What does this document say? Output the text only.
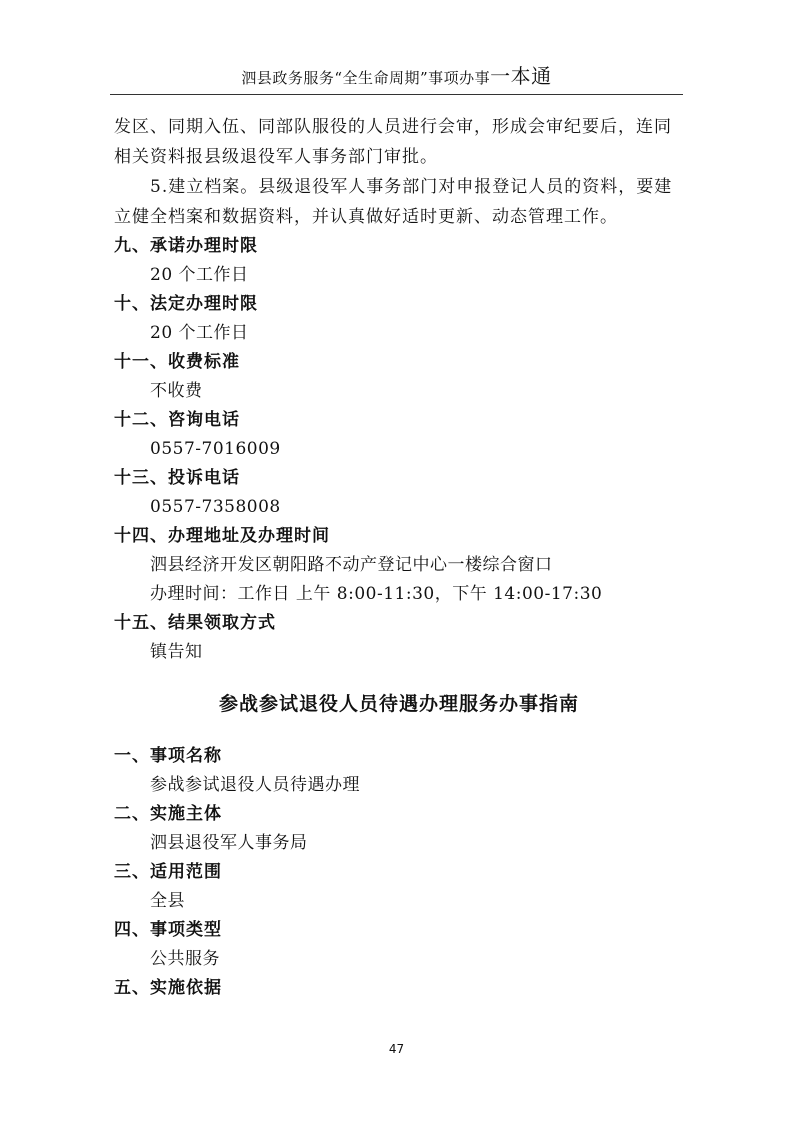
泗县政务服务“全生命周期”事项办事一本通

发区、同期入伍、同部队服役的人员进行会审，形成会审纪要后，连同相关资料报县级退役军人事务部门审批。

5.建立档案。县级退役军人事务部门对申报登记人员的资料，要建立健全档案和数据资料，并认真做好适时更新、动态管理工作。

九、承诺办理时限

20 个工作日

十、法定办理时限

20 个工作日

十一、收费标准

不收费

十二、咨询电话

0557-7016009

十三、投诉电话

0557-7358008

十四、办理地址及办理时间

泗县经济开发区朝阳路不动产登记中心一楼综合窗口

办理时间：工作日 上午 8:00-11:30，下午 14:00-17:30

十五、结果领取方式

镇告知

参战参试退役人员待遇办理服务办事指南

一、事项名称

参战参试退役人员待遇办理

二、实施主体

泗县退役军人事务局

三、适用范围

全县

四、事项类型

公共服务

五、实施依据

47
